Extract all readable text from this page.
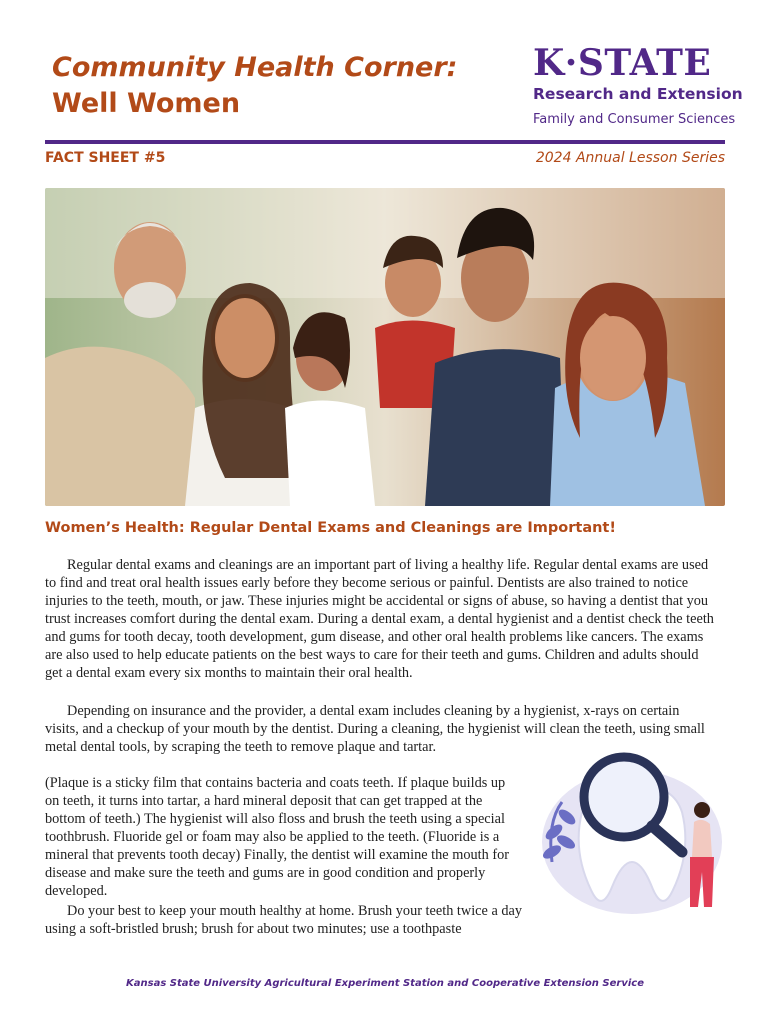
Community Health Corner:
Well Women
K·STATE
Research and Extension
Family and Consumer Sciences
FACT SHEET #5	2024 Annual Lesson Series
Women’s Health: Regular Dental Exams and Cleanings are Important!

Regular dental exams and cleanings are an important part of living a healthy life. Regular dental exams are used to find and treat oral health issues early before they become serious or painful. Dentists are also trained to notice injuries to the teeth, mouth, or jaw. These injuries might be accidental or signs of abuse, so having a dentist that you trust increases comfort during the dental exam. During a dental exam, a dental hygienist and a dentist check the teeth and gums for tooth decay, tooth development, gum disease, and other oral health problems like cancers. The exams are also used to help educate patients on the best ways to care for their teeth and gums. Children and adults should get a dental exam every six months to maintain their oral health.

Depending on insurance and the provider, a dental exam includes cleaning by a hygienist, x-rays on certain visits, and a checkup of your mouth by the dentist. During a cleaning, the hygienist will clean the teeth, using small metal dental tools, by scraping the teeth to remove plaque and tartar.

(Plaque is a sticky film that contains bacteria and coats teeth. If plaque builds up on teeth, it turns into tartar, a hard mineral deposit that can get trapped at the bottom of teeth.) The hygienist will also floss and brush the teeth using a special toothbrush. Fluoride gel or foam may also be applied to the teeth. (Fluoride is a mineral that prevents tooth decay) Finally, the dentist will examine the mouth for disease and make sure the teeth and gums are in good condition and properly developed.

Do your best to keep your mouth healthy at home. Brush your teeth twice a day using a soft-bristled brush; brush for about two minutes; use a toothpaste

Kansas State University Agricultural Experiment Station and Cooperative Extension Service
